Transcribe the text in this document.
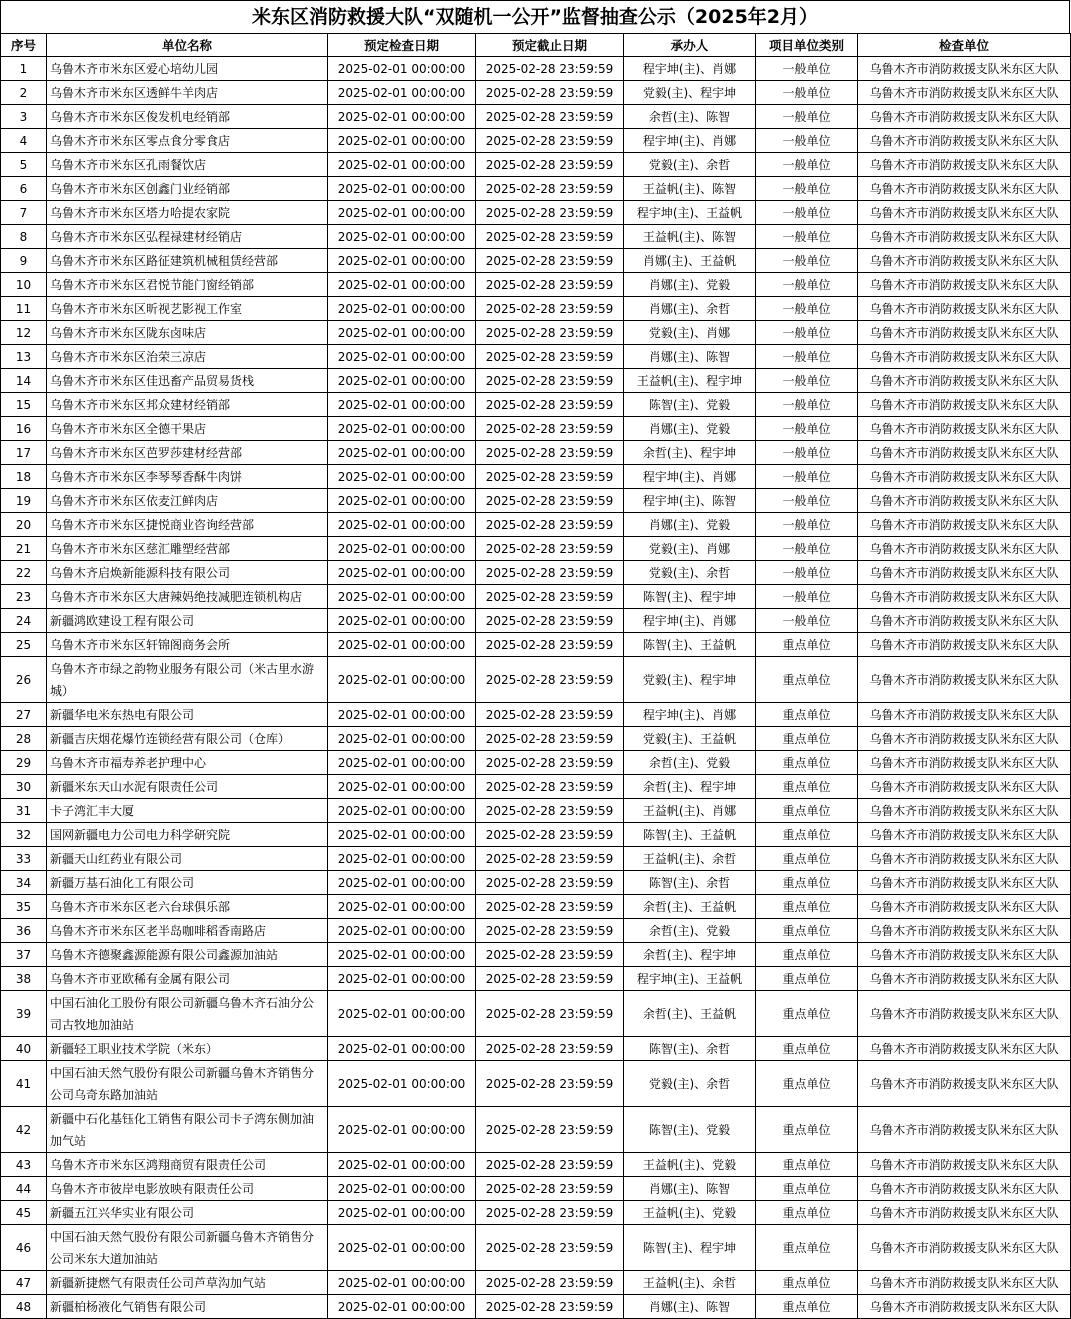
米东区消防救援大队“双随机一公开”监督抽查公示（2025年2月）
序号	单位名称	预定检查日期	预定截止日期	承办人	项目单位类别	检查单位
1	乌鲁木齐市米东区爱心培幼儿园	2025-02-01 00:00:00	2025-02-28 23:59:59	程宇坤(主)、肖娜	一般单位	乌鲁木齐市消防救援支队米东区大队
2	乌鲁木齐市米东区透鲜牛羊肉店	2025-02-01 00:00:00	2025-02-28 23:59:59	党毅(主)、程宇坤	一般单位	乌鲁木齐市消防救援支队米东区大队
3	乌鲁木齐市米东区俊发机电经销部	2025-02-01 00:00:00	2025-02-28 23:59:59	余哲(主)、陈智	一般单位	乌鲁木齐市消防救援支队米东区大队
4	乌鲁木齐市米东区零点食分零食店	2025-02-01 00:00:00	2025-02-28 23:59:59	程宇坤(主)、肖娜	一般单位	乌鲁木齐市消防救援支队米东区大队
5	乌鲁木齐市米东区孔雨餐饮店	2025-02-01 00:00:00	2025-02-28 23:59:59	党毅(主)、余哲	一般单位	乌鲁木齐市消防救援支队米东区大队
6	乌鲁木齐市米东区创鑫门业经销部	2025-02-01 00:00:00	2025-02-28 23:59:59	王益帆(主)、陈智	一般单位	乌鲁木齐市消防救援支队米东区大队
7	乌鲁木齐市米东区塔力哈提农家院	2025-02-01 00:00:00	2025-02-28 23:59:59	程宇坤(主)、王益帆	一般单位	乌鲁木齐市消防救援支队米东区大队
8	乌鲁木齐市米东区弘程禄建材经销店	2025-02-01 00:00:00	2025-02-28 23:59:59	王益帆(主)、陈智	一般单位	乌鲁木齐市消防救援支队米东区大队
9	乌鲁木齐市米东区路征建筑机械租赁经营部	2025-02-01 00:00:00	2025-02-28 23:59:59	肖娜(主)、王益帆	一般单位	乌鲁木齐市消防救援支队米东区大队
10	乌鲁木齐市米东区君悦节能门窗经销部	2025-02-01 00:00:00	2025-02-28 23:59:59	肖娜(主)、党毅	一般单位	乌鲁木齐市消防救援支队米东区大队
11	乌鲁木齐市米东区昕视艺影视工作室	2025-02-01 00:00:00	2025-02-28 23:59:59	肖娜(主)、余哲	一般单位	乌鲁木齐市消防救援支队米东区大队
12	乌鲁木齐市米东区陇东卤味店	2025-02-01 00:00:00	2025-02-28 23:59:59	党毅(主)、肖娜	一般单位	乌鲁木齐市消防救援支队米东区大队
13	乌鲁木齐市米东区治荣三凉店	2025-02-01 00:00:00	2025-02-28 23:59:59	肖娜(主)、陈智	一般单位	乌鲁木齐市消防救援支队米东区大队
14	乌鲁木齐市米东区佳迅畜产品贸易货栈	2025-02-01 00:00:00	2025-02-28 23:59:59	王益帆(主)、程宇坤	一般单位	乌鲁木齐市消防救援支队米东区大队
15	乌鲁木齐市米东区邦众建材经销部	2025-02-01 00:00:00	2025-02-28 23:59:59	陈智(主)、党毅	一般单位	乌鲁木齐市消防救援支队米东区大队
16	乌鲁木齐市米东区全德干果店	2025-02-01 00:00:00	2025-02-28 23:59:59	肖娜(主)、党毅	一般单位	乌鲁木齐市消防救援支队米东区大队
17	乌鲁木齐市米东区芭罗莎建材经营部	2025-02-01 00:00:00	2025-02-28 23:59:59	余哲(主)、程宇坤	一般单位	乌鲁木齐市消防救援支队米东区大队
18	乌鲁木齐市米东区李琴琴香酥牛肉饼	2025-02-01 00:00:00	2025-02-28 23:59:59	程宇坤(主)、肖娜	一般单位	乌鲁木齐市消防救援支队米东区大队
19	乌鲁木齐市米东区依麦江鲜肉店	2025-02-01 00:00:00	2025-02-28 23:59:59	程宇坤(主)、陈智	一般单位	乌鲁木齐市消防救援支队米东区大队
20	乌鲁木齐市米东区捷悦商业咨询经营部	2025-02-01 00:00:00	2025-02-28 23:59:59	肖娜(主)、党毅	一般单位	乌鲁木齐市消防救援支队米东区大队
21	乌鲁木齐市米东区慈汇雕塑经营部	2025-02-01 00:00:00	2025-02-28 23:59:59	党毅(主)、肖娜	一般单位	乌鲁木齐市消防救援支队米东区大队
22	乌鲁木齐启焕新能源科技有限公司	2025-02-01 00:00:00	2025-02-28 23:59:59	党毅(主)、余哲	一般单位	乌鲁木齐市消防救援支队米东区大队
23	乌鲁木齐市米东区大唐辣妈绝技减肥连锁机构店	2025-02-01 00:00:00	2025-02-28 23:59:59	陈智(主)、程宇坤	一般单位	乌鲁木齐市消防救援支队米东区大队
24	新疆鸿欧建设工程有限公司	2025-02-01 00:00:00	2025-02-28 23:59:59	程宇坤(主)、肖娜	一般单位	乌鲁木齐市消防救援支队米东区大队
25	乌鲁木齐市米东区轩锦阁商务会所	2025-02-01 00:00:00	2025-02-28 23:59:59	陈智(主)、王益帆	重点单位	乌鲁木齐市消防救援支队米东区大队
26	乌鲁木齐市绿之韵物业服务有限公司（米古里水游城）	2025-02-01 00:00:00	2025-02-28 23:59:59	党毅(主)、程宇坤	重点单位	乌鲁木齐市消防救援支队米东区大队
27	新疆华电米东热电有限公司	2025-02-01 00:00:00	2025-02-28 23:59:59	程宇坤(主)、肖娜	重点单位	乌鲁木齐市消防救援支队米东区大队
28	新疆吉庆烟花爆竹连锁经营有限公司（仓库）	2025-02-01 00:00:00	2025-02-28 23:59:59	党毅(主)、王益帆	重点单位	乌鲁木齐市消防救援支队米东区大队
29	乌鲁木齐市福寿养老护理中心	2025-02-01 00:00:00	2025-02-28 23:59:59	余哲(主)、党毅	重点单位	乌鲁木齐市消防救援支队米东区大队
30	新疆米东天山水泥有限责任公司	2025-02-01 00:00:00	2025-02-28 23:59:59	余哲(主)、程宇坤	重点单位	乌鲁木齐市消防救援支队米东区大队
31	卡子湾汇丰大厦	2025-02-01 00:00:00	2025-02-28 23:59:59	王益帆(主)、肖娜	重点单位	乌鲁木齐市消防救援支队米东区大队
32	国网新疆电力公司电力科学研究院	2025-02-01 00:00:00	2025-02-28 23:59:59	陈智(主)、王益帆	重点单位	乌鲁木齐市消防救援支队米东区大队
33	新疆天山红药业有限公司	2025-02-01 00:00:00	2025-02-28 23:59:59	王益帆(主)、余哲	重点单位	乌鲁木齐市消防救援支队米东区大队
34	新疆万基石油化工有限公司	2025-02-01 00:00:00	2025-02-28 23:59:59	陈智(主)、余哲	重点单位	乌鲁木齐市消防救援支队米东区大队
35	乌鲁木齐市米东区老六台球俱乐部	2025-02-01 00:00:00	2025-02-28 23:59:59	余哲(主)、王益帆	重点单位	乌鲁木齐市消防救援支队米东区大队
36	乌鲁木齐市米东区老半岛咖啡稻香南路店	2025-02-01 00:00:00	2025-02-28 23:59:59	余哲(主)、党毅	重点单位	乌鲁木齐市消防救援支队米东区大队
37	乌鲁木齐德聚鑫源能源有限公司鑫源加油站	2025-02-01 00:00:00	2025-02-28 23:59:59	余哲(主)、程宇坤	重点单位	乌鲁木齐市消防救援支队米东区大队
38	乌鲁木齐市亚欧稀有金属有限公司	2025-02-01 00:00:00	2025-02-28 23:59:59	程宇坤(主)、王益帆	重点单位	乌鲁木齐市消防救援支队米东区大队
39	中国石油化工股份有限公司新疆乌鲁木齐石油分公司古牧地加油站	2025-02-01 00:00:00	2025-02-28 23:59:59	余哲(主)、王益帆	重点单位	乌鲁木齐市消防救援支队米东区大队
40	新疆轻工职业技术学院（米东）	2025-02-01 00:00:00	2025-02-28 23:59:59	陈智(主)、余哲	重点单位	乌鲁木齐市消防救援支队米东区大队
41	中国石油天然气股份有限公司新疆乌鲁木齐销售分公司乌奇东路加油站	2025-02-01 00:00:00	2025-02-28 23:59:59	党毅(主)、余哲	重点单位	乌鲁木齐市消防救援支队米东区大队
42	新疆中石化基钰化工销售有限公司卡子湾东侧加油加气站	2025-02-01 00:00:00	2025-02-28 23:59:59	陈智(主)、党毅	重点单位	乌鲁木齐市消防救援支队米东区大队
43	乌鲁木齐市米东区鸿翔商贸有限责任公司	2025-02-01 00:00:00	2025-02-28 23:59:59	王益帆(主)、党毅	重点单位	乌鲁木齐市消防救援支队米东区大队
44	乌鲁木齐市彼岸电影放映有限责任公司	2025-02-01 00:00:00	2025-02-28 23:59:59	肖娜(主)、陈智	重点单位	乌鲁木齐市消防救援支队米东区大队
45	新疆五江兴华实业有限公司	2025-02-01 00:00:00	2025-02-28 23:59:59	王益帆(主)、党毅	重点单位	乌鲁木齐市消防救援支队米东区大队
46	中国石油天然气股份有限公司新疆乌鲁木齐销售分公司米东大道加油站	2025-02-01 00:00:00	2025-02-28 23:59:59	陈智(主)、程宇坤	重点单位	乌鲁木齐市消防救援支队米东区大队
47	新疆新捷燃气有限责任公司芦草沟加气站	2025-02-01 00:00:00	2025-02-28 23:59:59	王益帆(主)、余哲	重点单位	乌鲁木齐市消防救援支队米东区大队
48	新疆柏杨液化气销售有限公司	2025-02-01 00:00:00	2025-02-28 23:59:59	肖娜(主)、陈智	重点单位	乌鲁木齐市消防救援支队米东区大队
